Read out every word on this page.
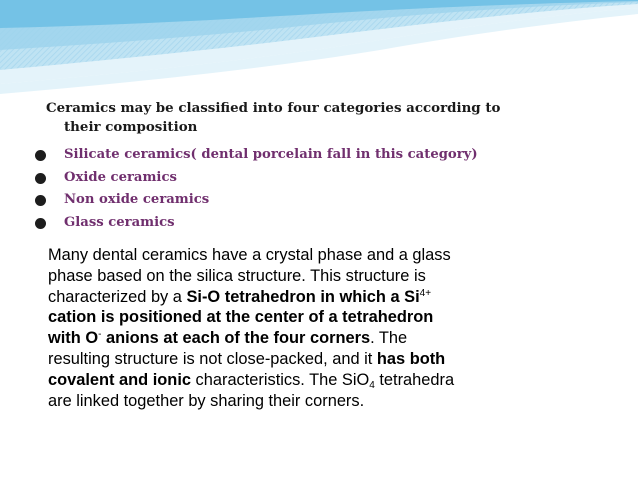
Ceramics may be classified into four categories according to
their composition

Silicate ceramics( dental porcelain fall in this category)
Oxide ceramics
Non oxide ceramics
Glass ceramics

Many dental ceramics have a crystal phase and a glass
phase based on the silica structure. This structure is
characterized by a Si-O tetrahedron in which a $Si^{4+}$
cation is positioned at the center of a tetrahedron
with O- anions at each of the four corners. The
resulting structure is not close-packed, and it has both
covalent and ionic characteristics. The SiO$_4$ tetrahedra
are linked together by sharing their corners.
